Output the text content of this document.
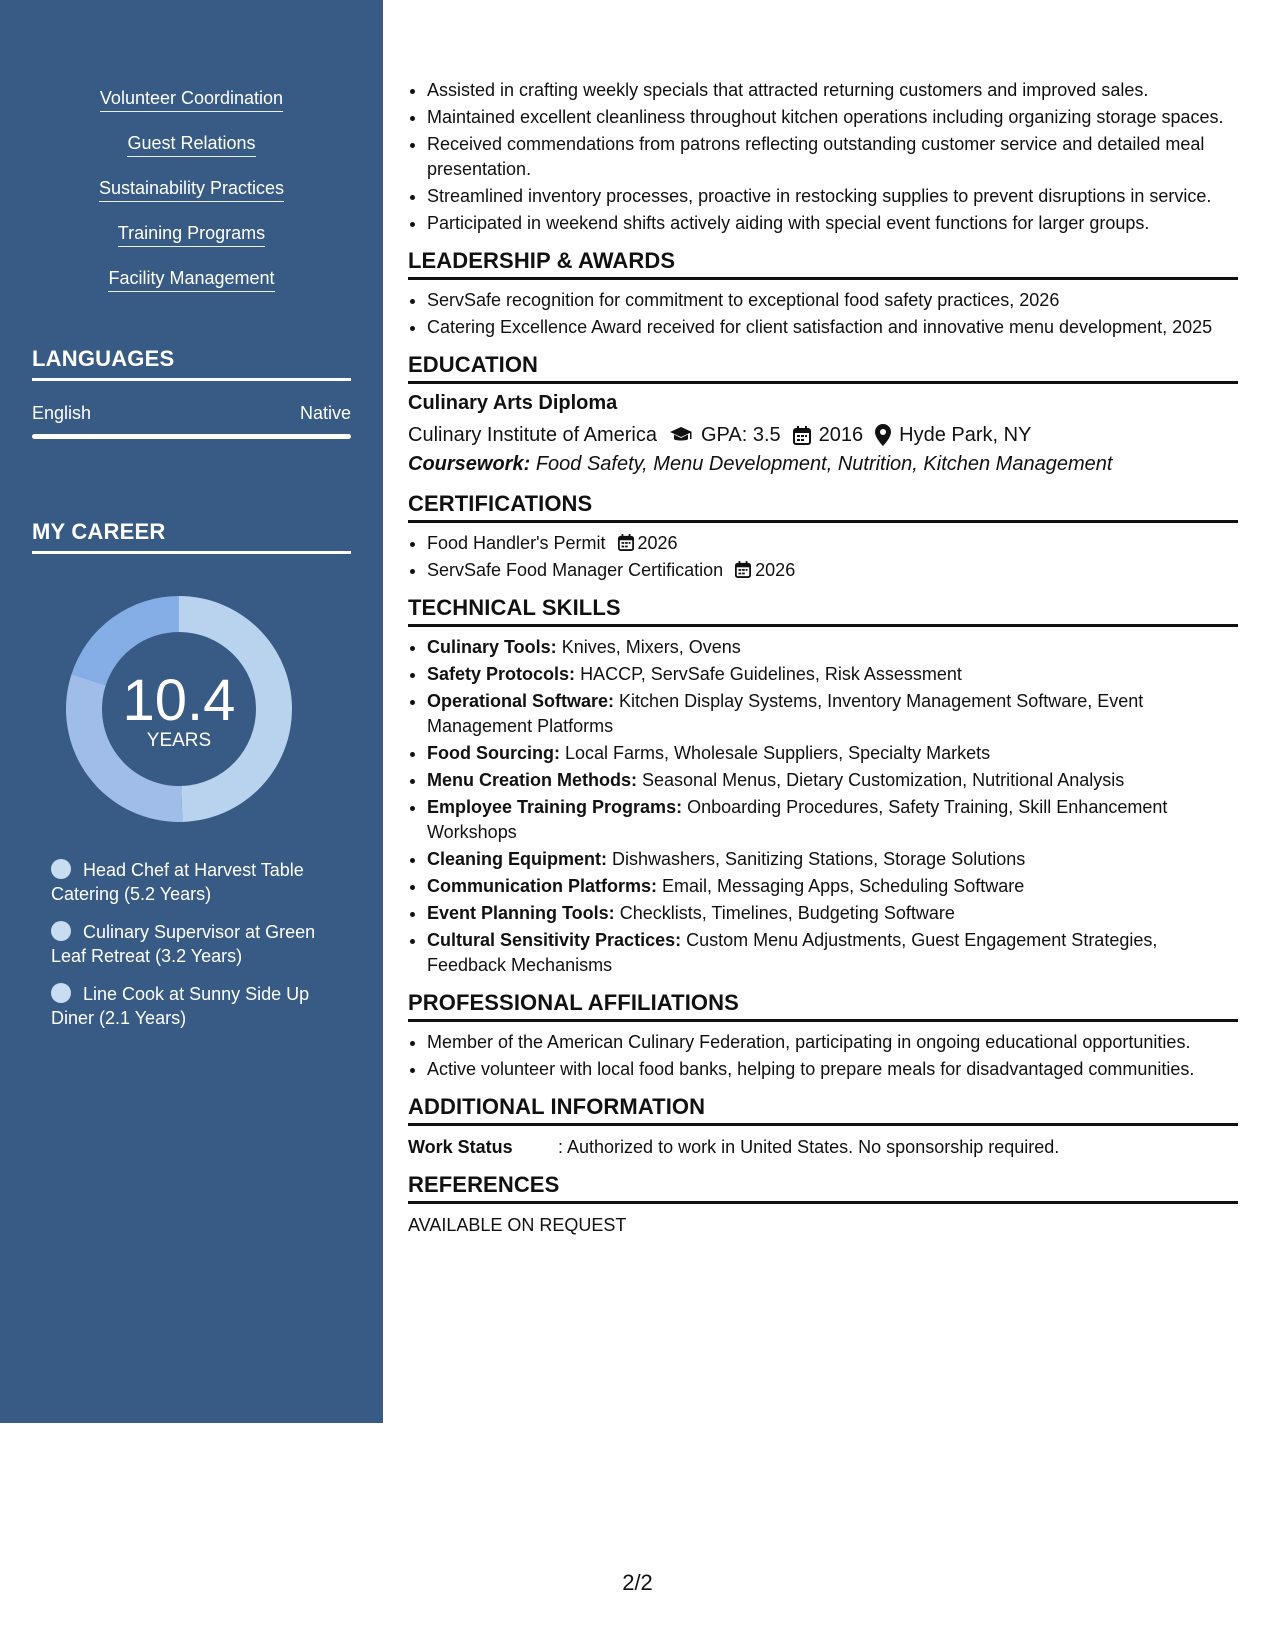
Volunteer Coordination
Guest Relations
Sustainability Practices
Training Programs
Facility Management
LANGUAGES
English	Native
MY CAREER
10.4
YEARS
Head Chef at Harvest Table Catering (5.2 Years)
Culinary Supervisor at Green Leaf Retreat (3.2 Years)
Line Cook at Sunny Side Up Diner (2.1 Years)
• Assisted in crafting weekly specials that attracted returning customers and improved sales.
• Maintained excellent cleanliness throughout kitchen operations including organizing storage spaces.
• Received commendations from patrons reflecting outstanding customer service and detailed meal presentation.
• Streamlined inventory processes, proactive in restocking supplies to prevent disruptions in service.
• Participated in weekend shifts actively aiding with special event functions for larger groups.
LEADERSHIP & AWARDS
• ServSafe recognition for commitment to exceptional food safety practices, 2026
• Catering Excellence Award received for client satisfaction and innovative menu development, 2025
EDUCATION
Culinary Arts Diploma
Culinary Institute of America GPA: 3.5 2016 Hyde Park, NY
Coursework: Food Safety, Menu Development, Nutrition, Kitchen Management
CERTIFICATIONS
• Food Handler's Permit 2026
• ServSafe Food Manager Certification 2026
TECHNICAL SKILLS
• Culinary Tools: Knives, Mixers, Ovens
• Safety Protocols: HACCP, ServSafe Guidelines, Risk Assessment
• Operational Software: Kitchen Display Systems, Inventory Management Software, Event Management Platforms
• Food Sourcing: Local Farms, Wholesale Suppliers, Specialty Markets
• Menu Creation Methods: Seasonal Menus, Dietary Customization, Nutritional Analysis
• Employee Training Programs: Onboarding Procedures, Safety Training, Skill Enhancement Workshops
• Cleaning Equipment: Dishwashers, Sanitizing Stations, Storage Solutions
• Communication Platforms: Email, Messaging Apps, Scheduling Software
• Event Planning Tools: Checklists, Timelines, Budgeting Software
• Cultural Sensitivity Practices: Custom Menu Adjustments, Guest Engagement Strategies, Feedback Mechanisms
PROFESSIONAL AFFILIATIONS
• Member of the American Culinary Federation, participating in ongoing educational opportunities.
• Active volunteer with local food banks, helping to prepare meals for disadvantaged communities.
ADDITIONAL INFORMATION
Work Status	: Authorized to work in United States. No sponsorship required.
REFERENCES
AVAILABLE ON REQUEST
2/2
